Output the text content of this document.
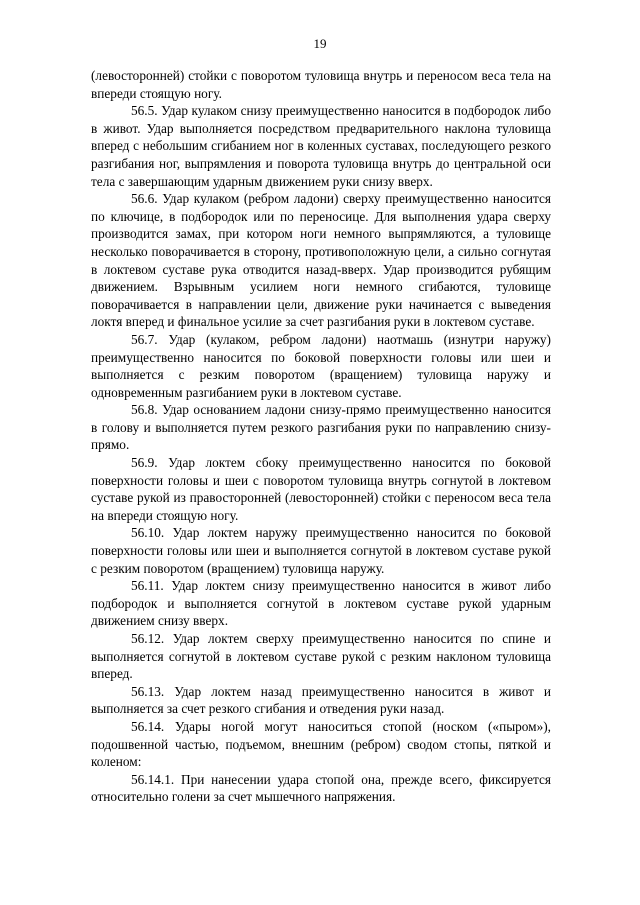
19

(левосторонней) стойки с поворотом туловища внутрь и переносом веса тела на впереди стоящую ногу.

56.5. Удар кулаком снизу преимущественно наносится в подбородок либо в живот. Удар выполняется посредством предварительного наклона туловища вперед с небольшим сгибанием ног в коленных суставах, последующего резкого разгибания ног, выпрямления и поворота туловища внутрь до центральной оси тела с завершающим ударным движением руки снизу вверх.

56.6. Удар кулаком (ребром ладони) сверху преимущественно наносится по ключице, в подбородок или по переносице. Для выполнения удара сверху производится замах, при котором ноги немного выпрямляются, а туловище несколько поворачивается в сторону, противоположную цели, а сильно согнутая в локтевом суставе рука отводится назад-вверх. Удар производится рубящим движением. Взрывным усилием ноги немного сгибаются, туловище поворачивается в направлении цели, движение руки начинается с выведения локтя вперед и финальное усилие за счет разгибания руки в локтевом суставе.

56.7. Удар (кулаком, ребром ладони) наотмашь (изнутри наружу) преимущественно наносится по боковой поверхности головы или шеи и выполняется с резким поворотом (вращением) туловища наружу и одновременным разгибанием руки в локтевом суставе.

56.8. Удар основанием ладони снизу-прямо преимущественно наносится в голову и выполняется путем резкого разгибания руки по направлению снизу-прямо.

56.9. Удар локтем сбоку преимущественно наносится по боковой поверхности головы и шеи с поворотом туловища внутрь согнутой в локтевом суставе рукой из правосторонней (левосторонней) стойки с переносом веса тела на впереди стоящую ногу.

56.10. Удар локтем наружу преимущественно наносится по боковой поверхности головы или шеи и выполняется согнутой в локтевом суставе рукой с резким поворотом (вращением) туловища наружу.

56.11. Удар локтем снизу преимущественно наносится в живот либо подбородок и выполняется согнутой в локтевом суставе рукой ударным движением снизу вверх.

56.12. Удар локтем сверху преимущественно наносится по спине и выполняется согнутой в локтевом суставе рукой с резким наклоном туловища вперед.

56.13. Удар локтем назад преимущественно наносится в живот и выполняется за счет резкого сгибания и отведения руки назад.

56.14. Удары ногой могут наноситься стопой (носком («пыром»), подошвенной частью, подъемом, внешним (ребром) сводом стопы, пяткой и коленом:

56.14.1. При нанесении удара стопой она, прежде всего, фиксируется относительно голени за счет мышечного напряжения.
